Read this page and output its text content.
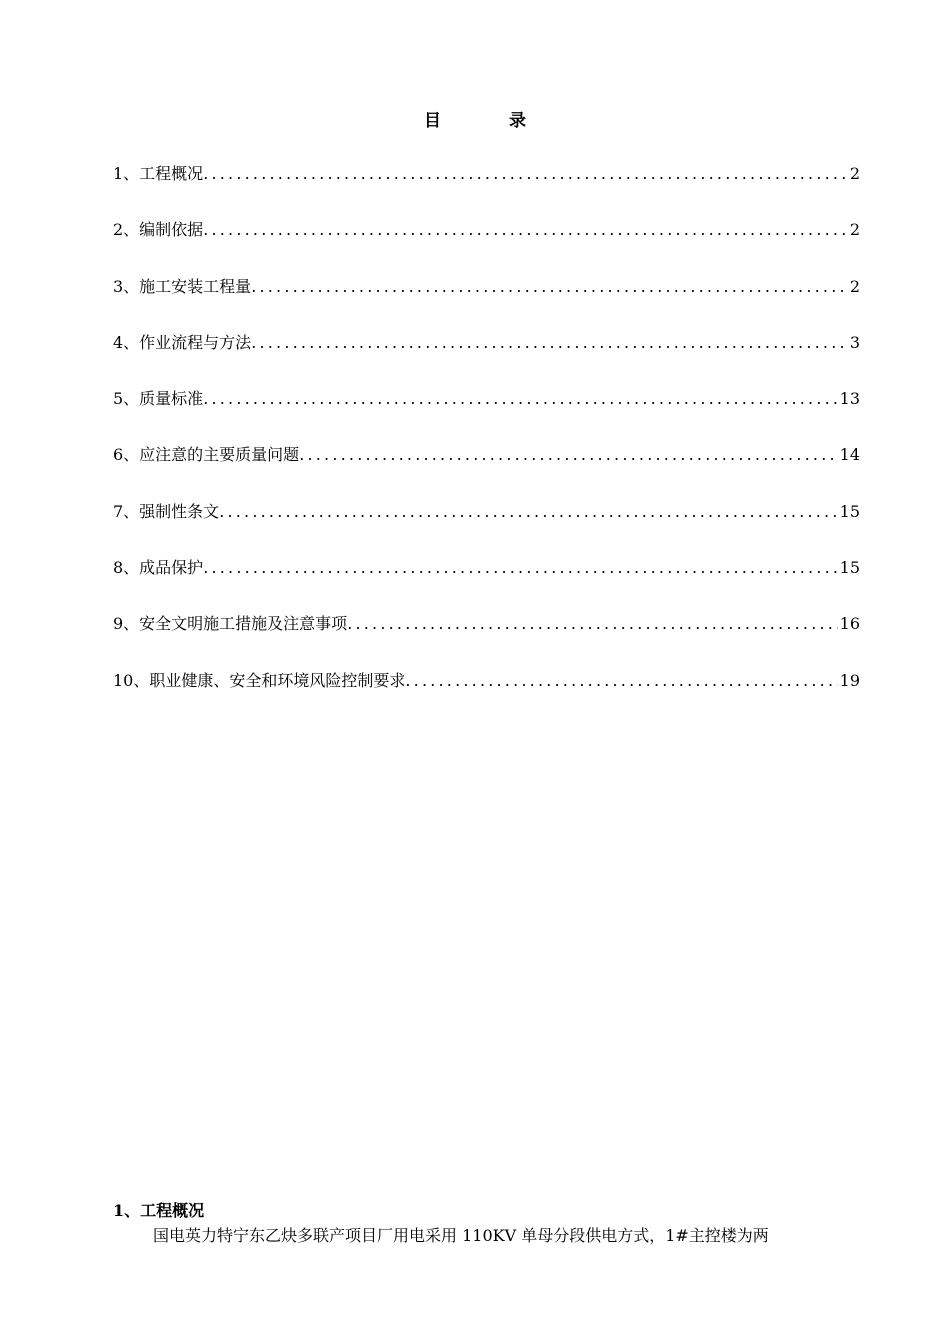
目	录
1、工程概况 .....	2
2、编制依据 .....	2
3、施工安装工程量 .....	2
4、作业流程与方法 .....	3
5、质量标准 .....	13
6、应注意的主要质量问题 .....	14
7、强制性条文 .....	15
8、成品保护 .....	15
9、安全文明施工措施及注意事项 .....	16
10、职业健康、安全和环境风险控制要求 .....	19
1、工程概况
国电英力特宁东乙炔多联产项目厂用电采用 110KV 单母分段供电方式，1#主控楼为两
